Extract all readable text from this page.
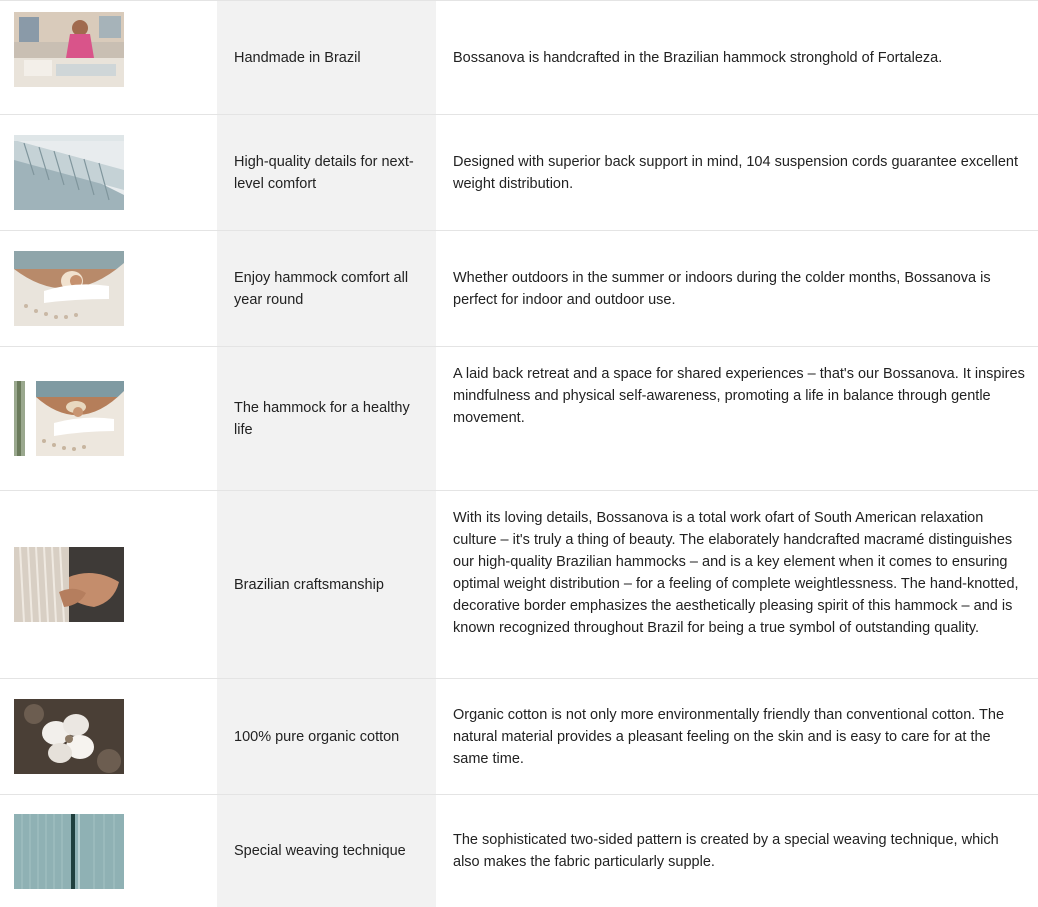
Handmade in Brazil	Bossanova is handcrafted in the Brazilian hammock stronghold of Fortaleza.
High-quality details for next-level comfort
Designed with superior back support in mind, 104 suspension cords guarantee excellent weight distribution.
Enjoy hammock comfort all year round
Whether outdoors in the summer or indoors during the colder months, Bossanova is perfect for indoor and outdoor use.
The hammock for a healthy life
A laid back retreat and a space for shared experiences – that's our Bossanova. It inspires mindfulness and physical self-awareness, promoting a life in balance through gentle movement.
Brazilian craftsmanship
With its loving details, Bossanova is a total work ofart of South American relaxation culture – it's truly a thing of beauty. The elaborately handcrafted macramé distinguishes our high-quality Brazilian hammocks – and is a key element when it comes to ensuring optimal weight distribution – for a feeling of complete weightlessness. The hand-knotted, decorative border emphasizes the aesthetically pleasing spirit of this hammock – and is known recognized throughout Brazil for being a true symbol of outstanding quality.
100% pure organic cotton
Organic cotton is not only more environmentally friendly than conventional cotton. The natural material provides a pleasant feeling on the skin and is easy to care for at the same time.
Special weaving technique
The sophisticated two-sided pattern is created by a special weaving technique, which also makes the fabric particularly supple.
